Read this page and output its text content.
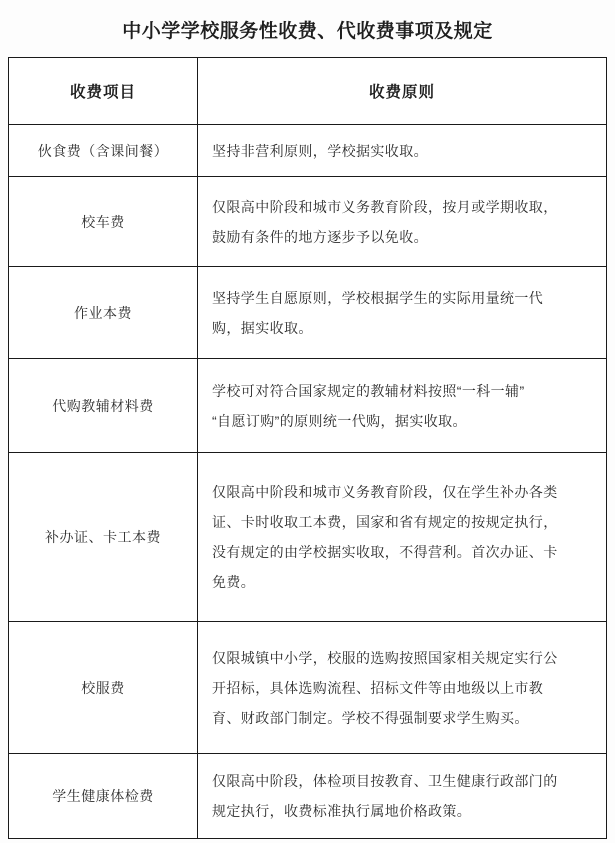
中小学学校服务性收费、代收费事项及规定
收费项目	收费原则
伙食费（含课间餐）	坚持非营利原则，学校据实收取。

校车费	仅限高中阶段和城市义务教育阶段，按月或学期收取，
鼓励有条件的地方逐步予以免收。

作业本费	坚持学生自愿原则，学校根据学生的实际用量统一代
购，据实收取。

代购教辅材料费	学校可对符合国家规定的教辅材料按照“一科一辅”
“自愿订购”的原则统一代购，据实收取。

补办证、卡工本费	仅限高中阶段和城市义务教育阶段，仅在学生补办各类
证、卡时收取工本费，国家和省有规定的按规定执行，
没有规定的由学校据实收取，不得营利。首次办证、卡
免费。

校服费	仅限城镇中小学，校服的选购按照国家相关规定实行公
开招标，具体选购流程、招标文件等由地级以上市教
育、财政部门制定。学校不得强制要求学生购买。

学生健康体检费	仅限高中阶段，体检项目按教育、卫生健康行政部门的
规定执行，收费标准执行属地价格政策。
